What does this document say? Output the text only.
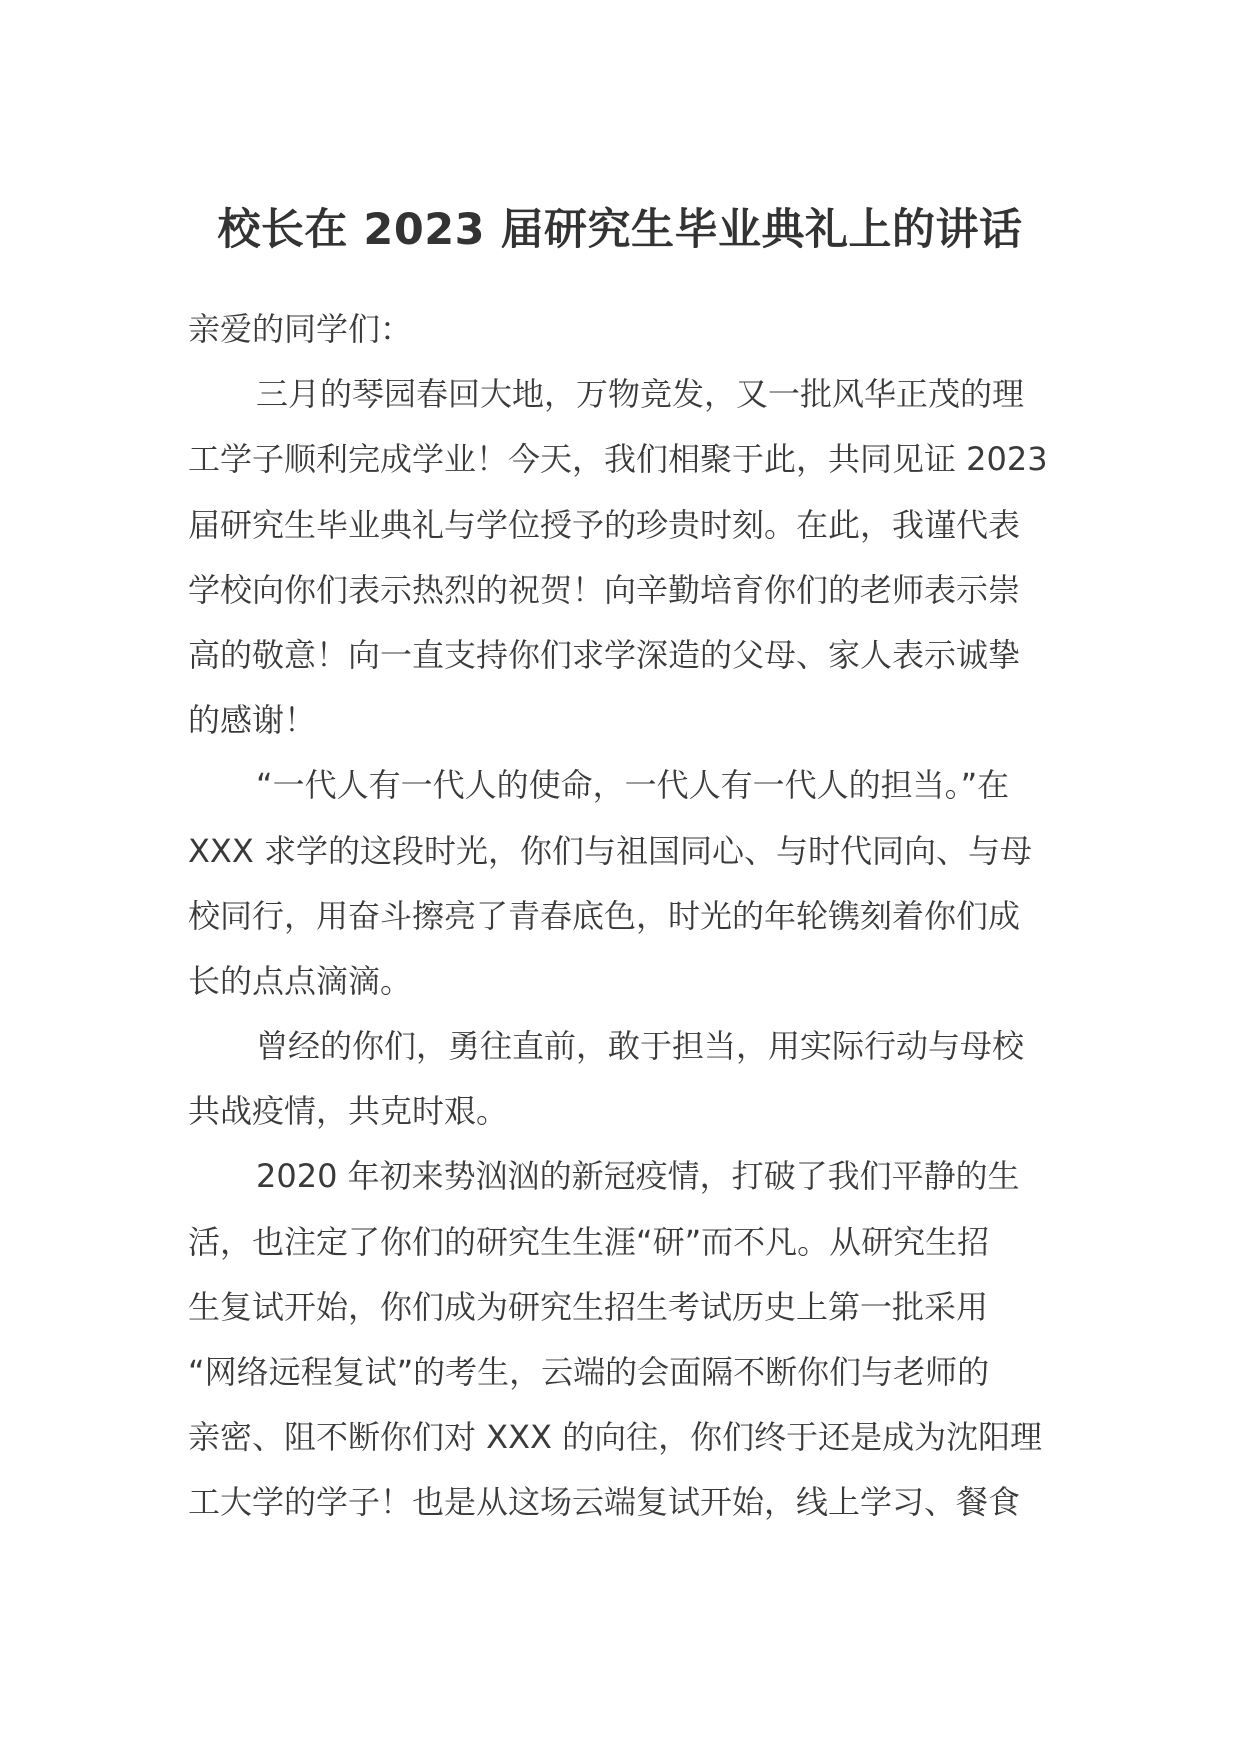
校长在 2023 届研究生毕业典礼上的讲话
亲爱的同学们：
三月的琴园春回大地，万物竞发，又一批风华正茂的理
工学子顺利完成学业！今天，我们相聚于此，共同见证 2023
届研究生毕业典礼与学位授予的珍贵时刻。在此，我谨代表
学校向你们表示热烈的祝贺！向辛勤培育你们的老师表示崇
高的敬意！向一直支持你们求学深造的父母、家人表示诚挚
的感谢！
“一代人有一代人的使命，一代人有一代人的担当。”在
XXX 求学的这段时光，你们与祖国同心、与时代同向、与母
校同行，用奋斗擦亮了青春底色，时光的年轮镌刻着你们成
长的点点滴滴。
曾经的你们，勇往直前，敢于担当，用实际行动与母校
共战疫情，共克时艰。
2020 年初来势汹汹的新冠疫情，打破了我们平静的生
活，也注定了你们的研究生生涯“研”而不凡。从研究生招
生复试开始，你们成为研究生招生考试历史上第一批采用
“网络远程复试”的考生，云端的会面隔不断你们与老师的
亲密、阻不断你们对 XXX 的向往，你们终于还是成为沈阳理
工大学的学子！也是从这场云端复试开始，线上学习、餐食
